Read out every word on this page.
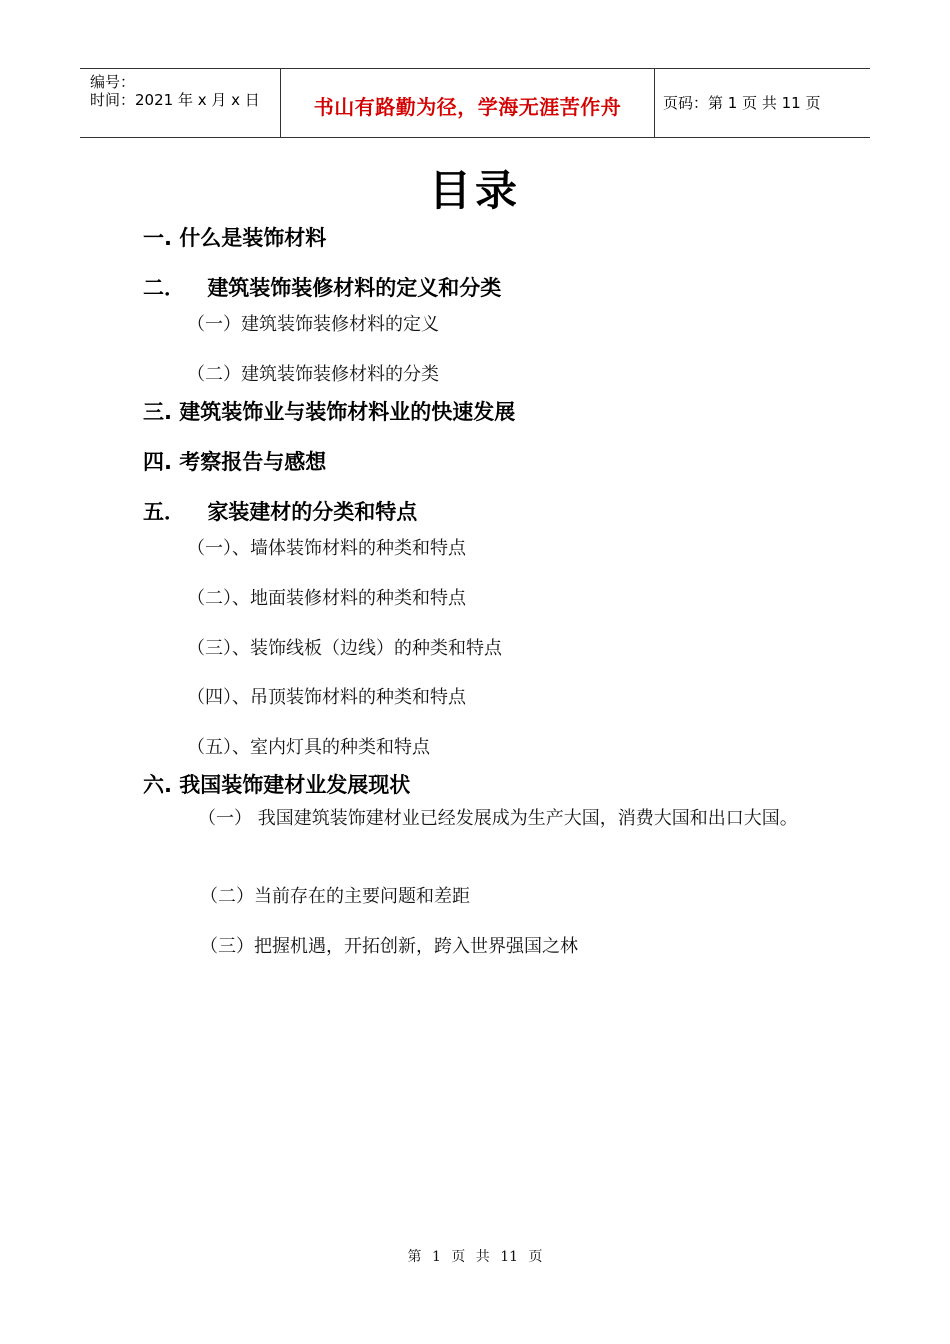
编号：
时间：2021 年 x 月 x 日	书山有路勤为径，学海无涯苦作舟	页码：第 1 页 共 11 页
目录
一. 什么是装饰材料
二． 建筑装饰装修材料的定义和分类
（一）建筑装饰装修材料的定义
（二）建筑装饰装修材料的分类
三. 建筑装饰业与装饰材料业的快速发展
四. 考察报告与感想
五． 家装建材的分类和特点
（一）、墙体装饰材料的种类和特点
（二）、地面装修材料的种类和特点
（三）、装饰线板（边线）的种类和特点
（四）、吊顶装饰材料的种类和特点
（五）、室内灯具的种类和特点
六. 我国装饰建材业发展现状
（一） 我国建筑装饰建材业已经发展成为生产大国，消费大国和出口大国。
（二）当前存在的主要问题和差距
（三）把握机遇，开拓创新，跨入世界强国之林
第 1 页 共 11 页
